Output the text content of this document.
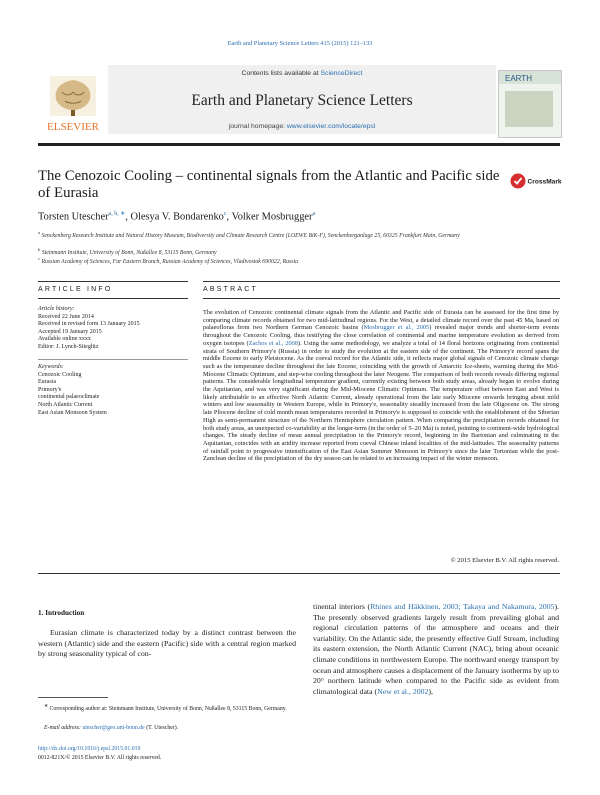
Earth and Planetary Science Letters 415 (2015) 121–133
ELSEVIER
EARTH
Contents lists available at ScienceDirect
Earth and Planetary Science Letters
journal homepage: www.elsevier.com/locate/epsl
The Cenozoic Cooling – continental signals from the Atlantic and Pacific side of Eurasia
CrossMark
Torsten Utescher$^{a, b, ∗}$, Olesya V. Bondarenko$^c$, Volker Mosbrugger$^a$
$^a$ Senckenberg Research Institute and Natural History Museum, Biodiversity and Climate Research Centre (LOEWE BiK-F), Senckenberganlage 25, 60325 Frankfurt Main, Germany
$^b$ Steinmann Institute, University of Bonn, Nußallee 8, 53115 Bonn, Germany
$^c$ Russian Academy of Sciences, Far Eastern Branch, Russian Academy of Sciences, Vladivostok 690022, Russia
ARTICLE INFO	ABSTRACT
Article history:
Received 22 June 2014
Received in revised form 13 January 2015
Accepted 19 January 2015
Available online xxxx
Editor: J. Lynch-Stieglitz
Keywords:
Cenozoic Cooling
Eurasia
Primory'e
continental palaeoclimate
North Atlantic Current
East Asian Monsoon System
The evolution of Cenozoic continental climate signals from the Atlantic and Pacific side of Eurasia can be assessed for the first time by comparing climate records obtained for two mid-latitudinal regions. For the West, a detailed climate record over the past 45 Ma, based on palaeofloras from two Northern German Cenozoic basins (Mosbrugger et al., 2005) revealed major trends and shorter-term events throughout the Cenozoic Cooling, thus testifying the close correlation of continental and marine temperature evolution as derived from oxygen isotopes (Zachos et al., 2008). Using the same methodology, we analyze a total of 14 floral horizons originating from continental strata of Southern Primory'e (Russia) in order to study the evolution at the eastern side of the continent. The Primory'e record spans the middle Eocene to early Pleistocene. As the coeval record for the Atlantic side, it reflects major global signals of Cenozoic climate change such as the temperature decline throughout the late Eocene, coinciding with the growth of Antarctic Ice-sheets, warming during the Mid-Miocene Climatic Optimum, and step-wise cooling throughout the later Neogene. The comparison of both records reveals differing regional patterns. The considerable longitudinal temperature gradient, currently existing between both study areas, already began to evolve during the Aquitanian, and was very significant during the Mid-Miocene Climatic Optimum. The temperature offset between East and West is likely attributable to an effective North Atlantic Current, already operational from the late early Miocene onwards bringing about mild winters and low seasonality in Western Europe, while in Primory'e, seasonality steadily increased from the late Oligocene on. The strong late Pliocene decline of cold month mean temperatures recorded in Primory'e is supposed to coincide with the establishment of the Siberian High as semi-permanent structure of the Northern Hemisphere circulation pattern. When comparing the precipitation records obtained for both study areas, an unexpected co-variability at the longer-term (in the order of 5–20 Ma) is noted, pointing to continent-wide hydrological changes. The steady decline of mean annual precipitation in the Primory'e record, beginning in the Bartonian and culminating in the Aquitanian, coincides with an aridity increase reported from coeval Chinese inland localities of the mid-latitudes. The seasonality patterns of rainfall point to progressive intensification of the East Asian Summer Monsoon in Primory'e since the later Tortonian while the post-Zanclean decline of the precipitation of the dry season can be related to an increasing impact of the winter monsoon.
© 2015 Elsevier B.V. All rights reserved.
1. Introduction
Eurasian climate is characterized today by a distinct contrast between the western (Atlantic) side and the eastern (Pacific) side with a central region marked by strong seasonality typical of con-
tinental interiors (Rhines and Häkkinen, 2003; Takaya and Nakamura, 2005). The presently observed gradients largely result from prevailing global and regional circulation patterns of the atmosphere and oceans and their variability. On the Atlantic side, the presently effective Gulf Stream, including its eastern extension, the North Atlantic Current (NAC), bring about oceanic climate conditions in northwestern Europe. The northward energy transport by ocean and atmosphere causes a displacement of the January isotherms by up to 20° northern latitude when compared to the Pacific side as evident from climatological data (New et al., 2002),
∗ Corresponding author at: Steinmann Institute, University of Bonn, Nußallee 8, 53115 Bonn, Germany.
E-mail address: utescher@geo.uni-bonn.de (T. Utescher).
http://dx.doi.org/10.1016/j.epsl.2015.01.019
0012-821X/© 2015 Elsevier B.V. All rights reserved.
